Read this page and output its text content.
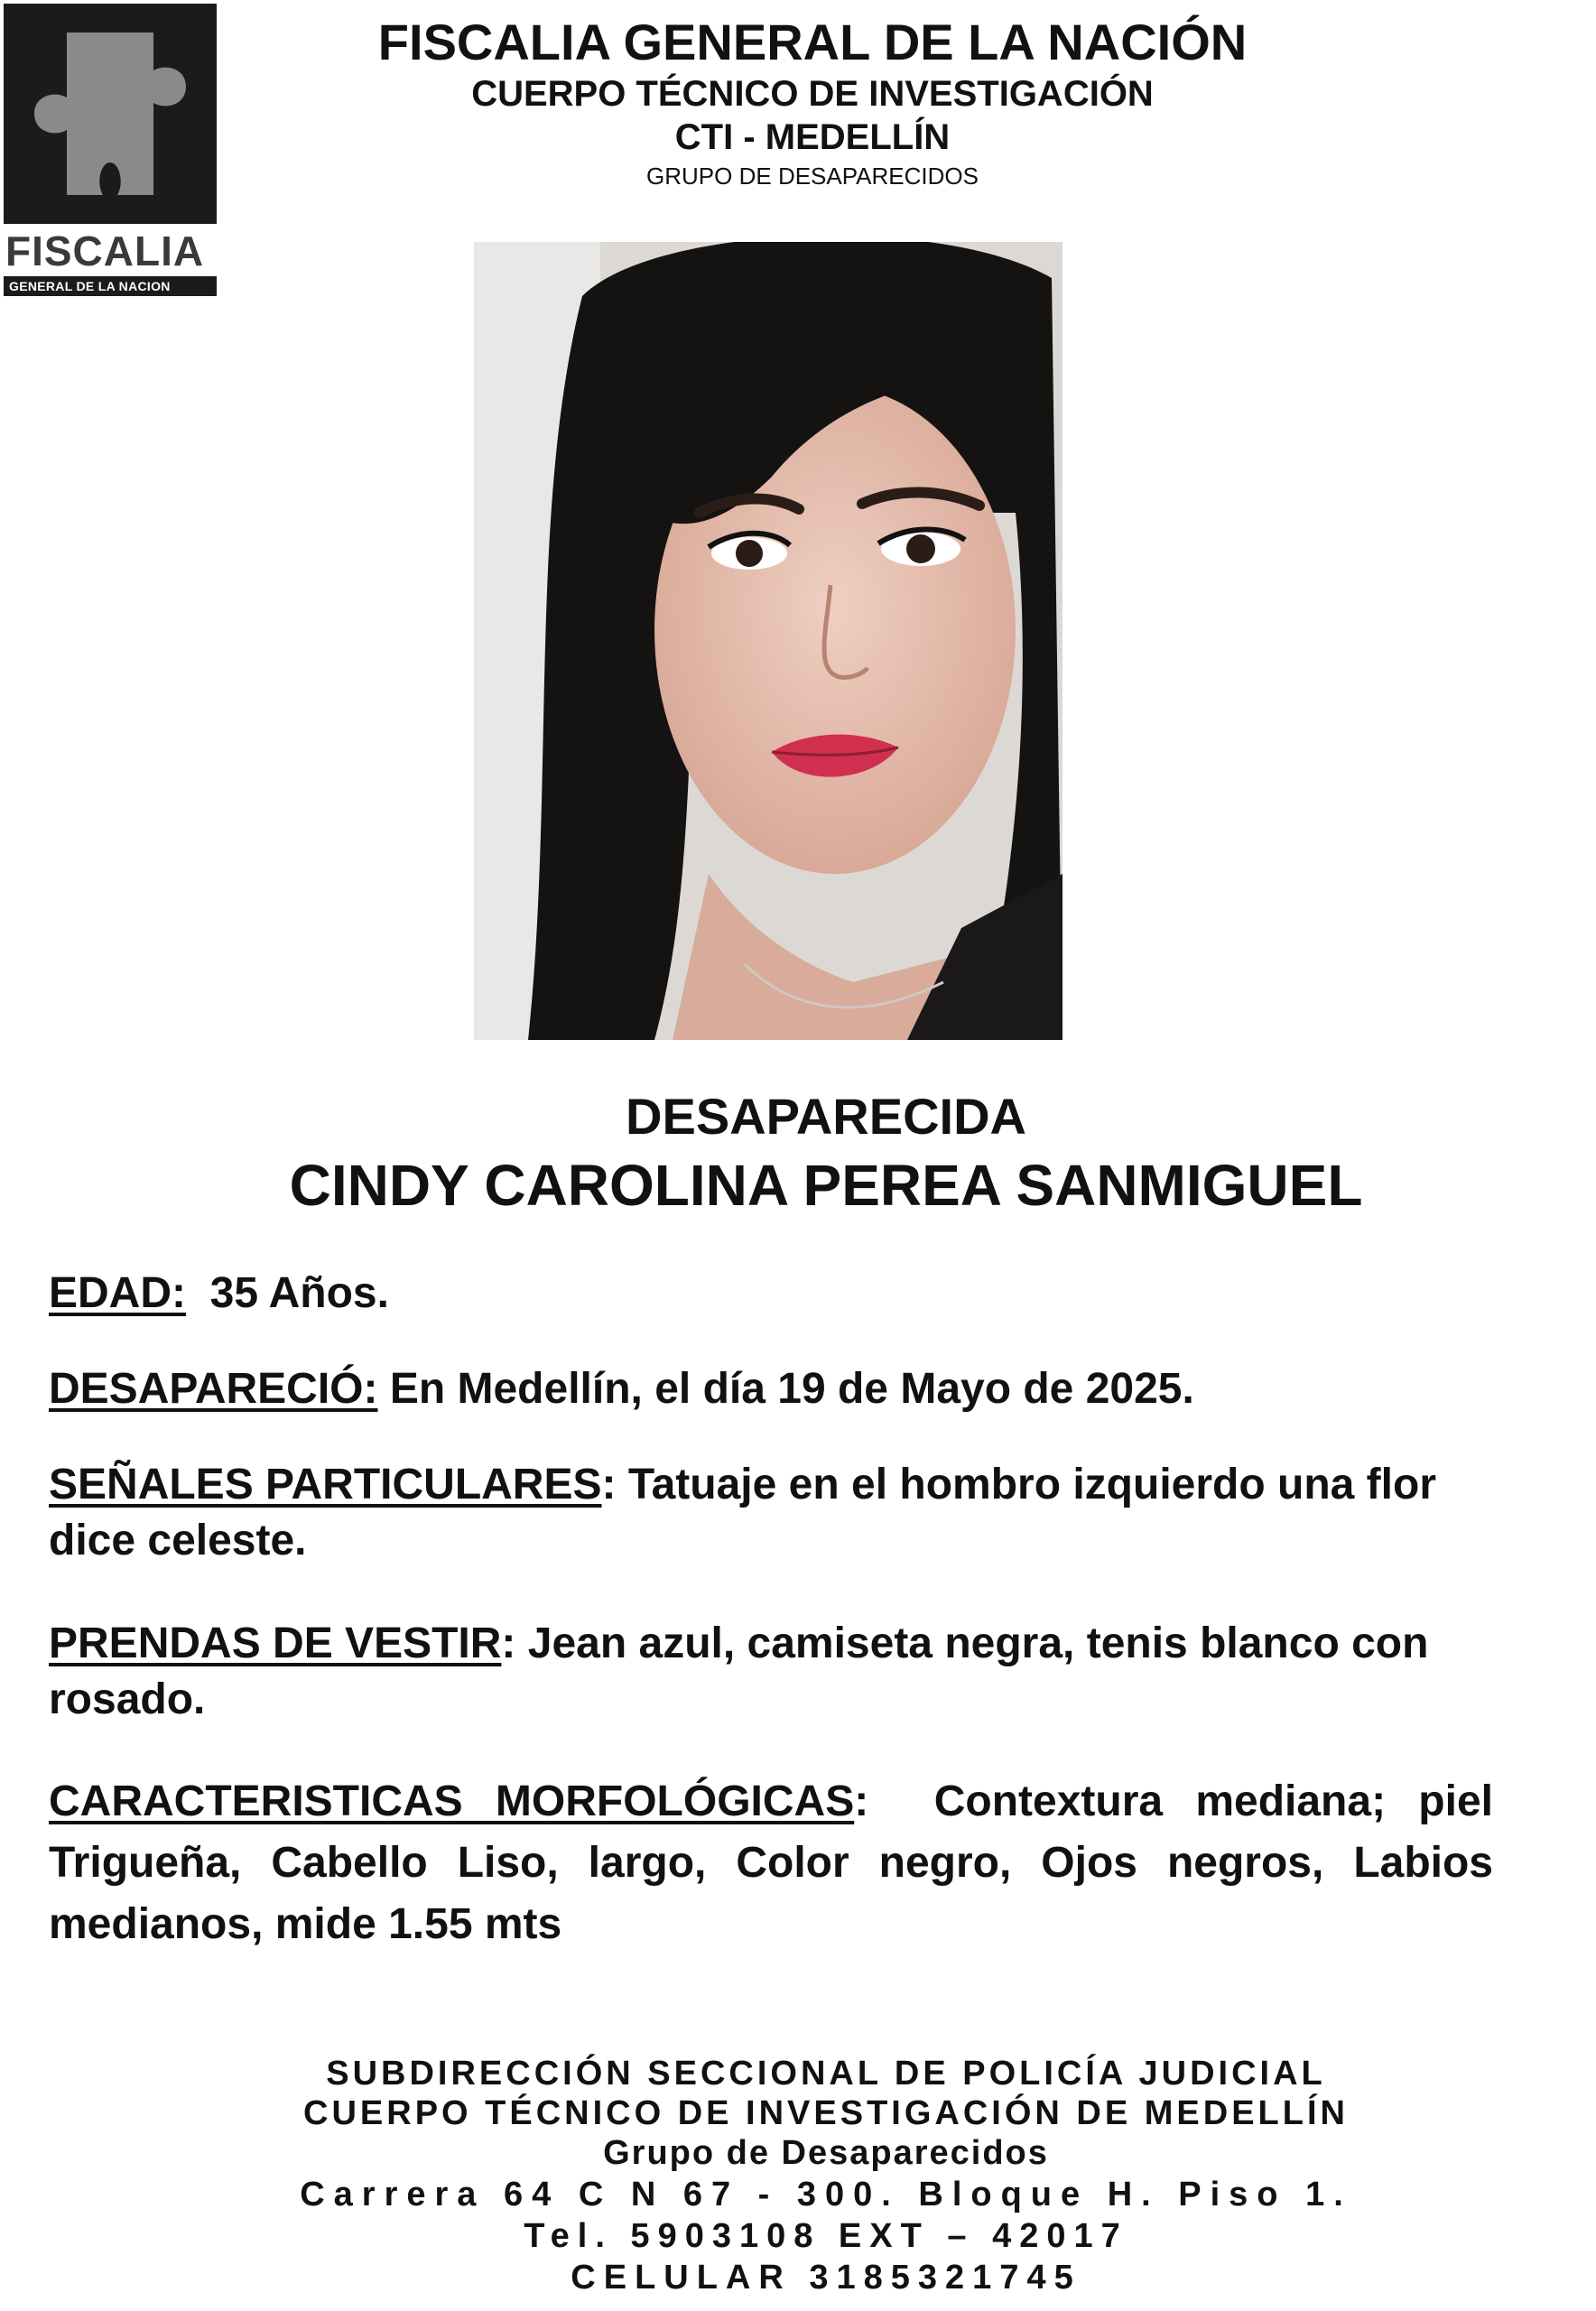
FISCALIA
GENERAL DE LA NACION
FISCALIA GENERAL DE LA NACIÓN
CUERPO TÉCNICO DE INVESTIGACIÓN
CTI - MEDELLÍN
GRUPO DE DESAPARECIDOS
DESAPARECIDA
CINDY CAROLINA PEREA SANMIGUEL
EDAD: 35 Años.
DESAPARECIÓ: En Medellín, el día 19 de Mayo de 2025.
SEÑALES PARTICULARES: Tatuaje en el hombro izquierdo una flor dice celeste.
PRENDAS DE VESTIR: Jean azul, camiseta negra, tenis blanco con rosado.
CARACTERISTICAS MORFOLÓGICAS:  Contextura mediana; piel Trigueña, Cabello Liso, largo, Color negro, Ojos negros, Labios medianos, mide 1.55 mts
SUBDIRECCIÓN SECCIONAL DE POLICÍA JUDICIAL
CUERPO TÉCNICO DE INVESTIGACIÓN DE MEDELLÍN
Grupo de Desaparecidos
Carrera 64 C N 67 - 300. Bloque H. Piso 1.
Tel. 5903108 EXT – 42017
CELULAR 3185321745
